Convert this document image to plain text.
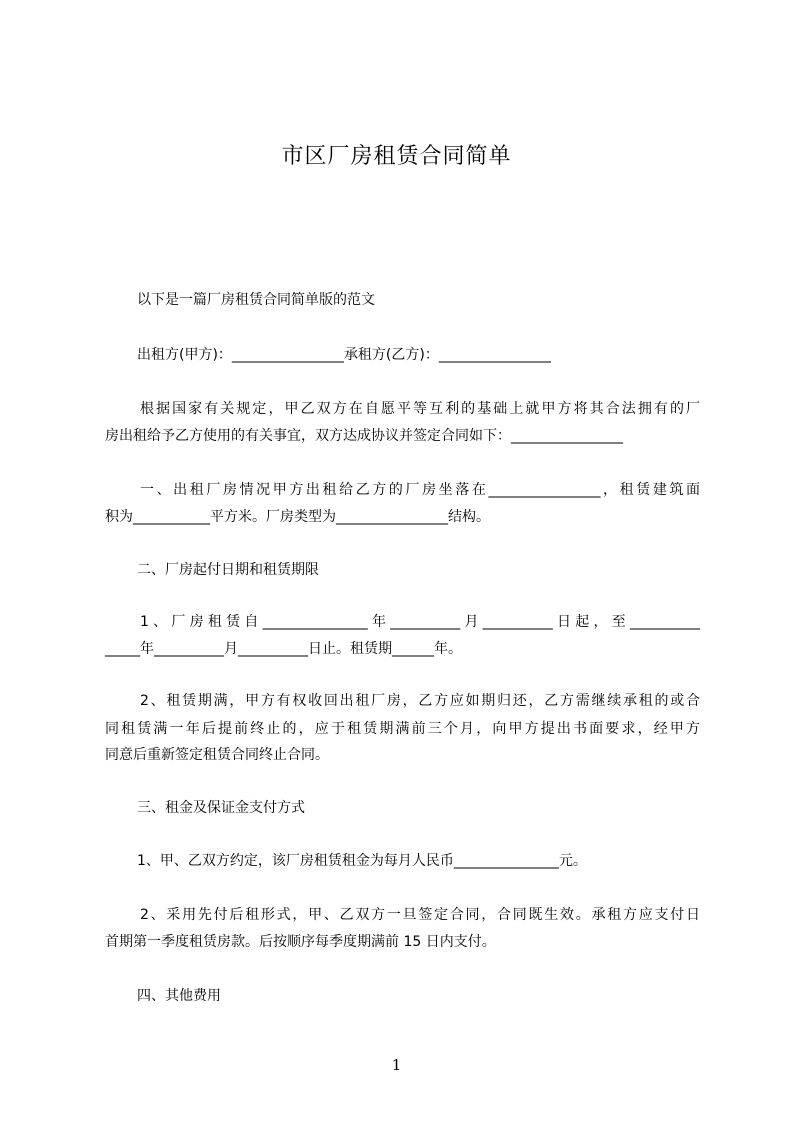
市区厂房租赁合同简单
以下是一篇厂房租赁合同简单版的范文
出租方(甲方)：________________承租方(乙方)：________________
根据国家有关规定，甲乙双方在自愿平等互利的基础上就甲方将其合法拥有的厂
房出租给予乙方使用的有关事宜，双方达成协议并签定合同如下：________________
一、出租厂房情况甲方出租给乙方的厂房坐落在________________，租赁建筑面
积为___________平方米。厂房类型为________________结构。
二、厂房起付日期和租赁期限
1、厂房租赁自_______________年__________月__________日起，至__________
_____年__________月__________日止。租赁期______年。
2、租赁期满，甲方有权收回出租厂房，乙方应如期归还，乙方需继续承租的或合
同租赁满一年后提前终止的，应于租赁期满前三个月，向甲方提出书面要求，经甲方
同意后重新签定租赁合同终止合同。
三、租金及保证金支付方式
1、甲、乙双方约定，该厂房租赁租金为每月人民币_______________元。
2、采用先付后租形式，甲、乙双方一旦签定合同，合同既生效。承租方应支付日
首期第一季度租赁房款。后按顺序每季度期满前 15 日内支付。
四、其他费用
1
